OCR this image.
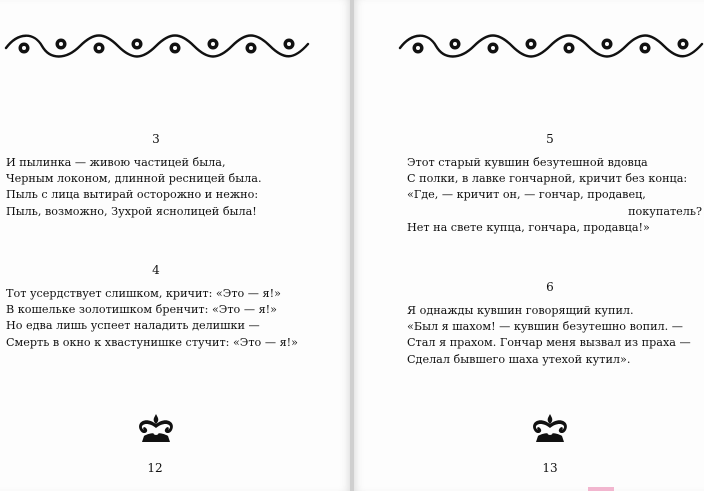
3
И пылинка — живою частицей была,
Черным локоном, длинной ресницей была.
Пыль с лица вытирай осторожно и нежно:
Пыль, возможно, Зухрой яснолицей была!
4
Тот усердствует слишком, кричит: «Это — я!»
В кошельке золотишком бренчит: «Это — я!»
Но едва лишь успеет наладить делишки —
Смерть в окно к хвастунишке стучит: «Это — я!»
12
5
Этот старый кувшин безутешной вдовца
С полки, в лавке гончарной, кричит без конца:
«Где, — кричит он, — гончар, продавец,
покупатель?
Нет на свете купца, гончара, продавца!»
6
Я однажды кувшин говорящий купил.
«Был я шахом! — кувшин безутешно вопил. —
Стал я прахом. Гончар меня вызвал из праха —
Сделал бывшего шаха утехой кутил».
13
